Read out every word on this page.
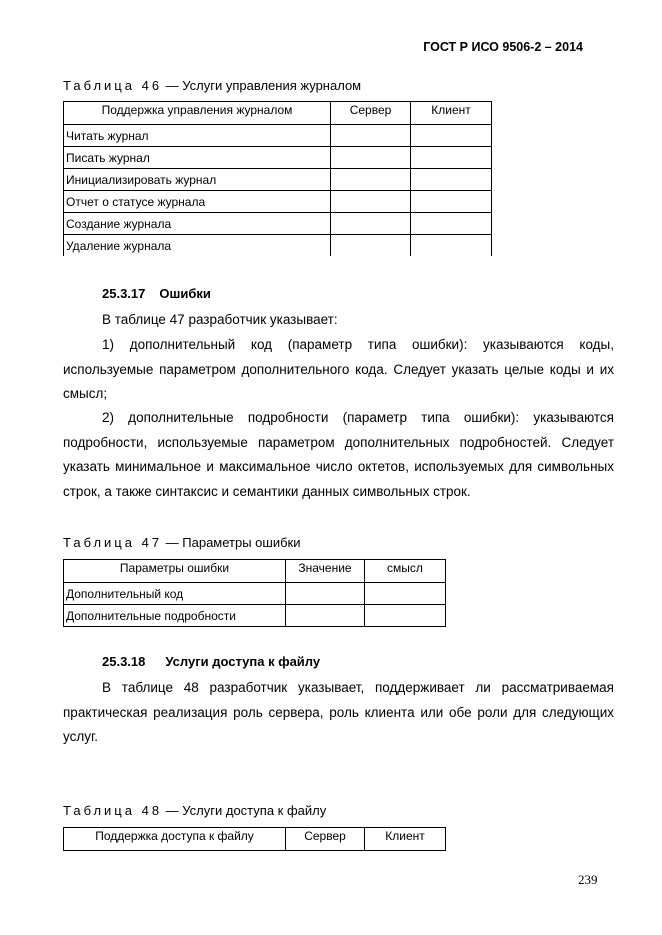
ГОСТ Р ИСО 9506-2 – 2014
Таблица 46 — Услуги управления журналом
Поддержка управления журналом	Сервер	Клиент
Читать журнал		
Писать журнал		
Инициализировать журнал		
Отчет о статусе журнала		
Создание журнала		
Удаление журнала		
25.3.17 Ошибки
В таблице 47 разработчик указывает:
1) дополнительный код (параметр типа ошибки): указываются коды, используемые параметром дополнительного кода. Следует указать целые коды и их смысл;
2) дополнительные подробности (параметр типа ошибки): указываются подробности, используемые параметром дополнительных подробностей. Следует указать минимальное и максимальное число октетов, используемых для символьных строк, а также синтаксис и семантики данных символьных строк.
Таблица 47 — Параметры ошибки
Параметры ошибки	Значение	смысл
Дополнительный код		
Дополнительные подробности		
25.3.18 Услуги доступа к файлу
В таблице 48 разработчик указывает, поддерживает ли рассматриваемая практическая реализация роль сервера, роль клиента или обе роли для следующих услуг.
Таблица 48 — Услуги доступа к файлу
Поддержка доступа к файлу	Сервер	Клиент
239
